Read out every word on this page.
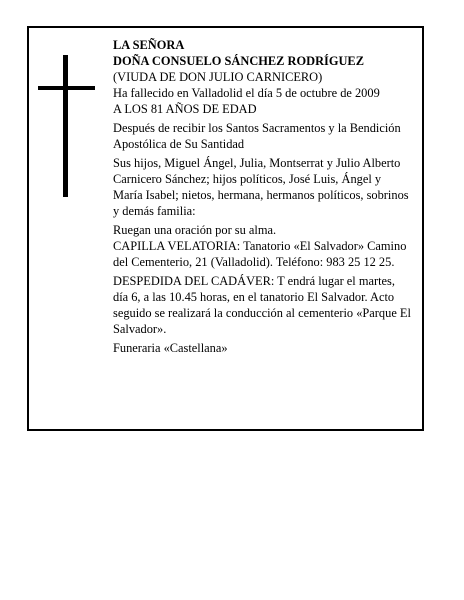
LA SEÑORA

DOÑA CONSUELO SÁNCHEZ RODRÍGUEZ

(VIUDA DE DON JULIO CARNICERO)

Ha fallecido en Valladolid el día 5 de octubre de 2009

A LOS 81 AÑOS DE EDAD

Después de recibir los Santos Sacramentos y la Bendición Apostólica de Su Santidad

Sus hijos, Miguel Ángel, Julia, Montserrat y Julio Alberto Carnicero Sánchez; hijos políticos, José Luis, Ángel y María Isabel; nietos, hermana, hermanos políticos, sobrinos y demás familia:

Ruegan una oración por su alma.

CAPILLA VELATORIA: Tanatorio «El Salvador» Camino del Cementerio, 21 (Valladolid). Teléfono: 983 25 12 25.

DESPEDIDA DEL CADÁVER: T endrá lugar el martes, día 6, a las 10.45 horas, en el tanatorio El Salvador. Acto seguido se realizará la conducción al cementerio «Parque El Salvador».

Funeraria «Castellana»
